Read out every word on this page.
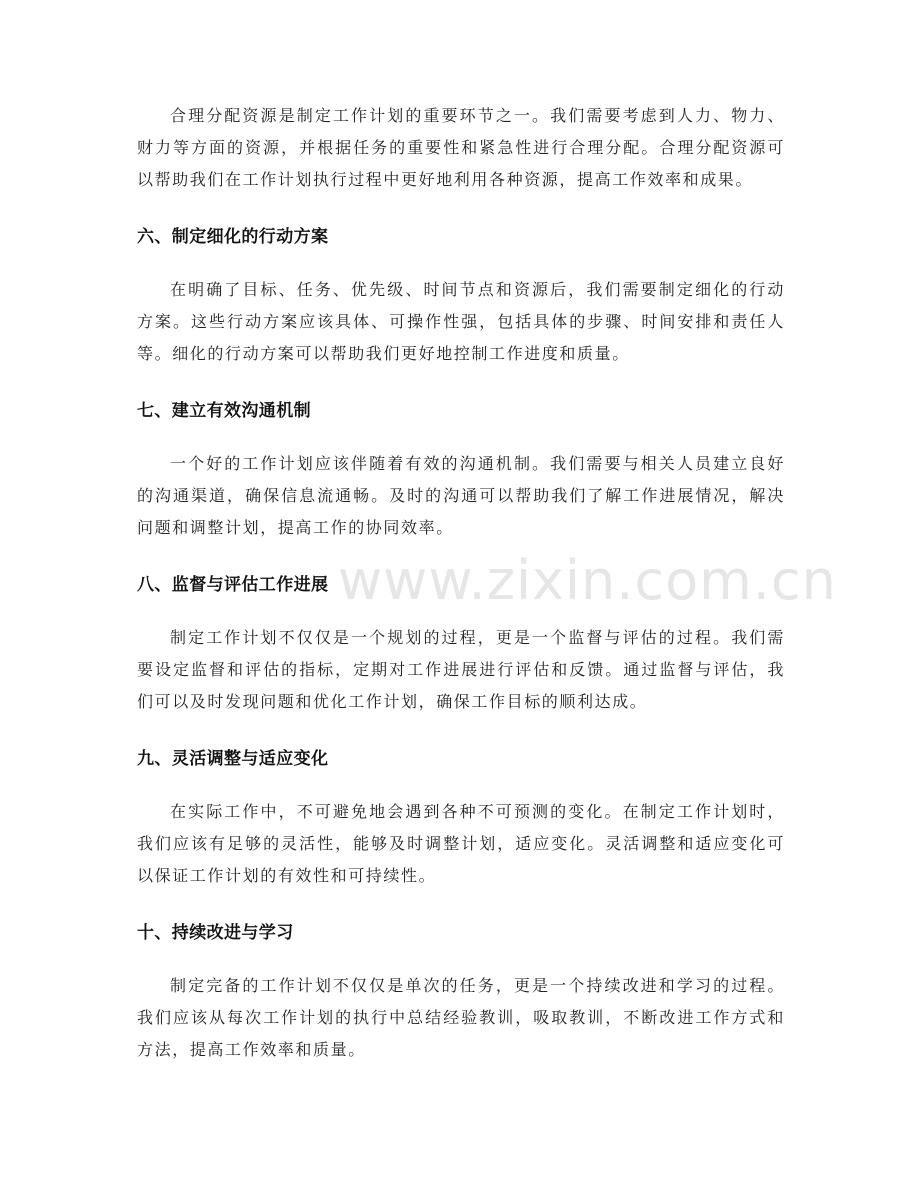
www.zixin.com.cn

合理分配资源是制定工作计划的重要环节之一。我们需要考虑到人力、物力、财力等方面的资源，并根据任务的重要性和紧急性进行合理分配。合理分配资源可以帮助我们在工作计划执行过程中更好地利用各种资源，提高工作效率和成果。

六、制定细化的行动方案

在明确了目标、任务、优先级、时间节点和资源后，我们需要制定细化的行动方案。这些行动方案应该具体、可操作性强，包括具体的步骤、时间安排和责任人等。细化的行动方案可以帮助我们更好地控制工作进度和质量。

七、建立有效沟通机制

一个好的工作计划应该伴随着有效的沟通机制。我们需要与相关人员建立良好的沟通渠道，确保信息流通畅。及时的沟通可以帮助我们了解工作进展情况，解决问题和调整计划，提高工作的协同效率。

八、监督与评估工作进展

制定工作计划不仅仅是一个规划的过程，更是一个监督与评估的过程。我们需要设定监督和评估的指标，定期对工作进展进行评估和反馈。通过监督与评估，我们可以及时发现问题和优化工作计划，确保工作目标的顺利达成。

九、灵活调整与适应变化

在实际工作中，不可避免地会遇到各种不可预测的变化。在制定工作计划时，我们应该有足够的灵活性，能够及时调整计划，适应变化。灵活调整和适应变化可以保证工作计划的有效性和可持续性。

十、持续改进与学习

制定完备的工作计划不仅仅是单次的任务，更是一个持续改进和学习的过程。我们应该从每次工作计划的执行中总结经验教训，吸取教训，不断改进工作方式和方法，提高工作效率和质量。
